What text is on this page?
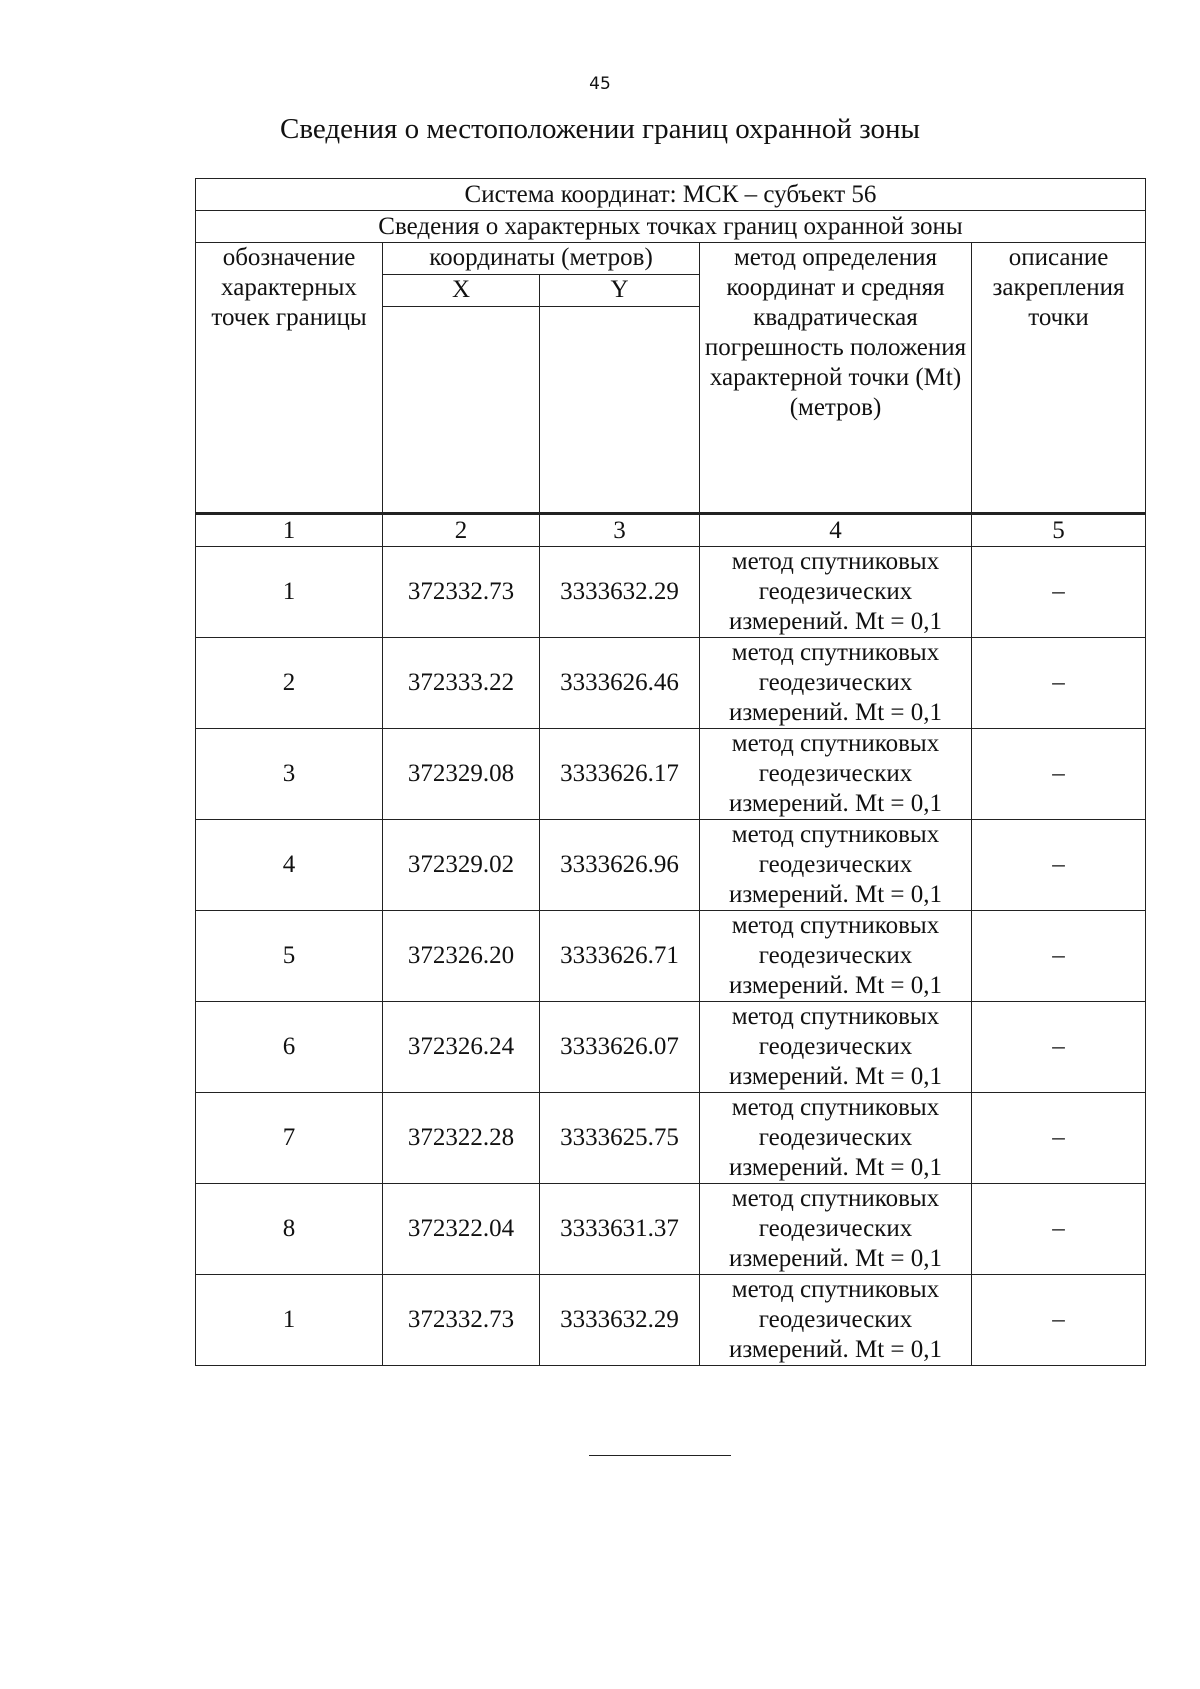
45
Сведения о местоположении границ охранной зоны
Система координат: МСК – субъект 56				
Сведения о характерных точках границ охранной зоны				
обозначение характерных точек границы	координаты (метров)		метод определения координат и средняя квадратическая погрешность положения характерной точки (Mt) (метров)	описание закрепления точки
	X	Y		

1	2	3	4	5
1	372332.73	3333632.29	метод спутниковых геодезических измерений. Mt = 0,1	–
2	372333.22	3333626.46	метод спутниковых геодезических измерений. Mt = 0,1	–
3	372329.08	3333626.17	метод спутниковых геодезических измерений. Mt = 0,1	–
4	372329.02	3333626.96	метод спутниковых геодезических измерений. Mt = 0,1	–
5	372326.20	3333626.71	метод спутниковых геодезических измерений. Mt = 0,1	–
6	372326.24	3333626.07	метод спутниковых геодезических измерений. Mt = 0,1	–
7	372322.28	3333625.75	метод спутниковых геодезических измерений. Mt = 0,1	–
8	372322.04	3333631.37	метод спутниковых геодезических измерений. Mt = 0,1	–
1	372332.73	3333632.29	метод спутниковых геодезических измерений. Mt = 0,1	–
